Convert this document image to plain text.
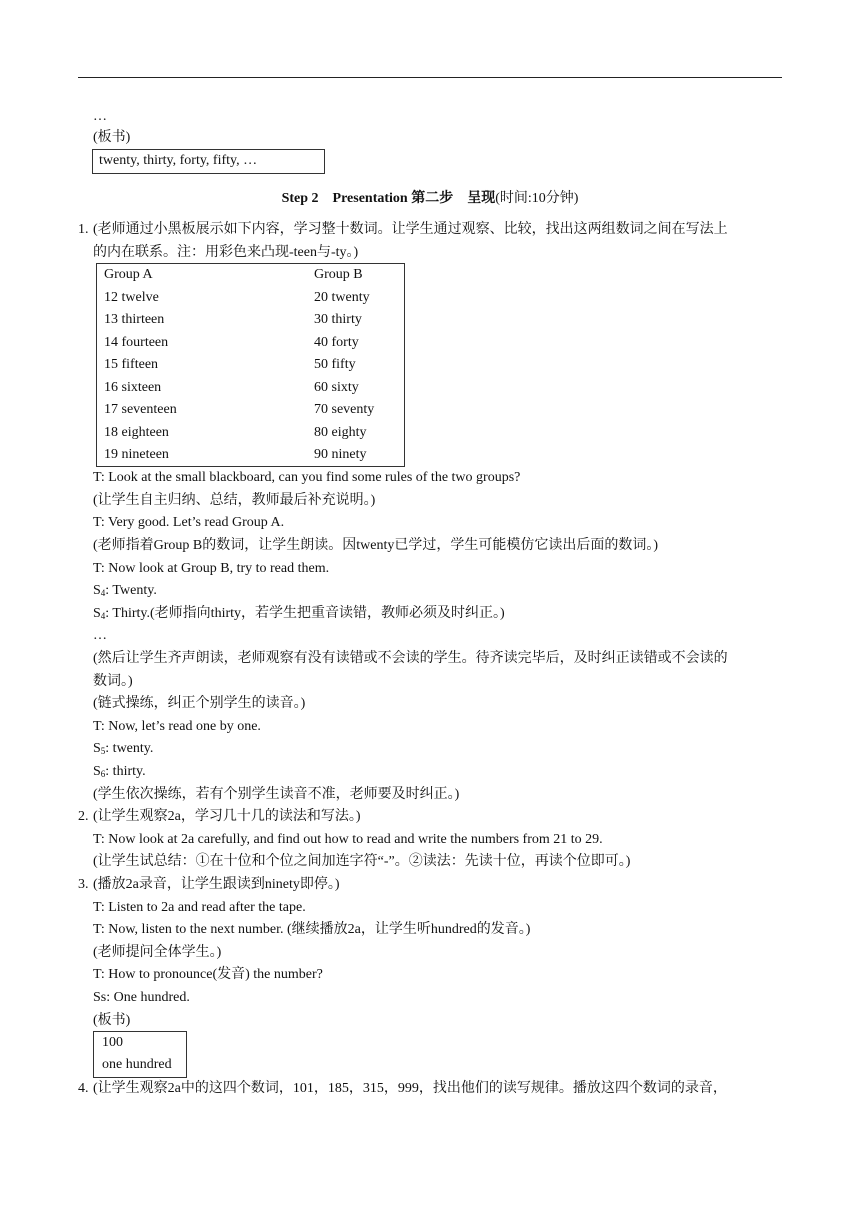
…
(板书)
twenty, thirty, forty, fifty, …
Step 2　Presentation 第二步　呈现(时间:10分钟)
1. (老师通过小黑板展示如下内容，学习整十数词。让学生通过观察、比较，找出这两组数词之间在写法上
的内在联系。注：用彩色来凸现-teen与-ty。)
Group A	Group B
12 twelve	20 twenty
13 thirteen	30 thirty
14 fourteen	40 forty
15 fifteen	50 fifty
16 sixteen	60 sixty
17 seventeen	70 seventy
18 eighteen	80 eighty
19 nineteen	90 ninety
T: Look at the small blackboard, can you find some rules of the two groups?
(让学生自主归纳、总结，教师最后补充说明。)
T: Very good. Let’s read Group A.
(老师指着Group B的数词，让学生朗读。因twenty已学过，学生可能模仿它读出后面的数词。)
T: Now look at Group B, try to read them.
$S_4$: Twenty.
$S_4$: Thirty.(老师指向thirty，若学生把重音读错，教师必须及时纠正。)
…
(然后让学生齐声朗读，老师观察有没有读错或不会读的学生。待齐读完毕后，及时纠正读错或不会读的
数词。)
(链式操练，纠正个别学生的读音。)
T: Now, let’s read one by one.
$S_5$: twenty.
$S_6$: thirty.
(学生依次操练，若有个别学生读音不准，老师要及时纠正。)
2. (让学生观察2a，学习几十几的读法和写法。)
T: Now look at 2a carefully, and find out how to read and write the numbers from 21 to 29.
(让学生试总结：①在十位和个位之间加连字符“-”。②读法：先读十位，再读个位即可。)
3. (播放2a录音，让学生跟读到ninety即停。)
T: Listen to 2a and read after the tape.
T: Now, listen to the next number. (继续播放2a，让学生听hundred的发音。)
(老师提问全体学生。)
T: How to pronounce(发音) the number?
Ss: One hundred.
(板书)
100
one hundred
4. (让学生观察2a中的这四个数词，101，185，315，999，找出他们的读写规律。播放这四个数词的录音，
